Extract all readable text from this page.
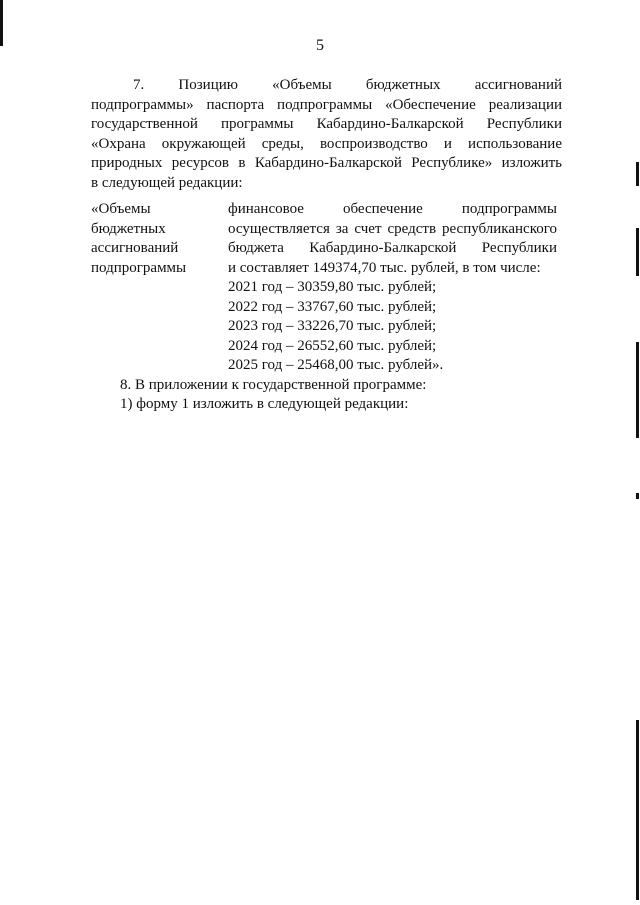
5
7. Позицию «Объемы бюджетных ассигнований
подпрограммы» паспорта подпрограммы «Обеспечение реализации
государственной программы Кабардино-Балкарской Республики
«Охрана окружающей среды, воспроизводство и использование
природных ресурсов в Кабардино-Балкарской Республике» изложить
в следующей редакции:
«Объемы
бюджетных
ассигнований
подпрограммы
финансовое обеспечение подпрограммы
осуществляется за счет средств республиканского
бюджета Кабардино-Балкарской Республики
и составляет 149374,70 тыс. рублей, в том числе:
2021 год – 30359,80 тыс. рублей;
2022 год – 33767,60 тыс. рублей;
2023 год – 33226,70 тыс. рублей;
2024 год – 26552,60 тыс. рублей;
2025 год – 25468,00 тыс. рублей».

8. В приложении к государственной программе:

1) форму 1 изложить в следующей редакции:
